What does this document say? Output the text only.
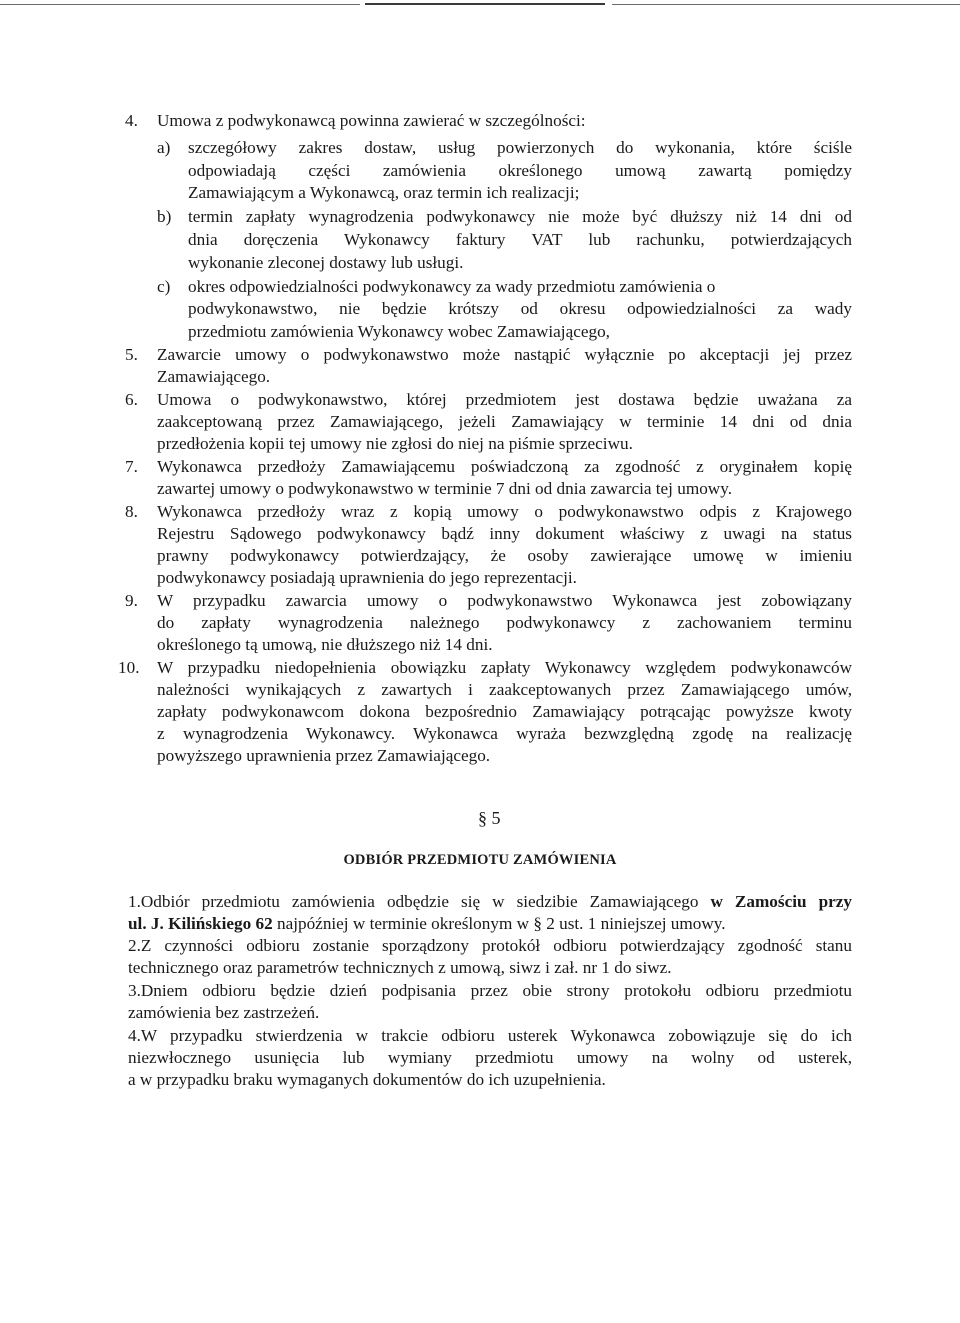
4. Umowa z podwykonawcą powinna zawierać w szczególności:
a) szczegółowy zakres dostaw, usług powierzonych do wykonania, które ściśle
odpowiadają części zamówienia określonego umową zawartą pomiędzy
Zamawiającym a Wykonawcą, oraz termin ich realizacji;
b) termin zapłaty wynagrodzenia podwykonawcy nie może być dłuższy niż 14 dni od
dnia doręczenia Wykonawcy faktury VAT lub rachunku, potwierdzających
wykonanie zleconej dostawy lub usługi.
c) okres odpowiedzialności podwykonawcy za wady przedmiotu zamówienia o
podwykonawstwo, nie będzie krótszy od okresu odpowiedzialności za wady
przedmiotu zamówienia Wykonawcy wobec Zamawiającego,
5. Zawarcie umowy o podwykonawstwo może nastąpić wyłącznie po akceptacji jej przez
Zamawiającego.
6. Umowa o podwykonawstwo, której przedmiotem jest dostawa będzie uważana za
zaakceptowaną przez Zamawiającego, jeżeli Zamawiający w terminie 14 dni od dnia
przedłożenia kopii tej umowy nie zgłosi do niej na piśmie sprzeciwu.
7. Wykonawca przedłoży Zamawiającemu poświadczoną za zgodność z oryginałem kopię
zawartej umowy o podwykonawstwo w terminie 7 dni od dnia zawarcia tej umowy.
8. Wykonawca przedłoży wraz z kopią umowy o podwykonawstwo odpis z Krajowego
Rejestru Sądowego podwykonawcy bądź inny dokument właściwy z uwagi na status
prawny podwykonawcy potwierdzający, że osoby zawierające umowę w imieniu
podwykonawcy posiadają uprawnienia do jego reprezentacji.
9. W przypadku zawarcia umowy o podwykonawstwo Wykonawca jest zobowiązany
do zapłaty wynagrodzenia należnego podwykonawcy z zachowaniem terminu
określonego tą umową, nie dłuższego niż 14 dni.
10. W przypadku niedopełnienia obowiązku zapłaty Wykonawcy względem podwykonawców
należności wynikających z zawartych i zaakceptowanych przez Zamawiającego umów,
zapłaty podwykonawcom dokona bezpośrednio Zamawiający potrącając powyższe kwoty
z wynagrodzenia Wykonawcy. Wykonawca wyraża bezwzględną zgodę na realizację
powyższego uprawnienia przez Zamawiającego.
§ 5
ODBIÓR PRZEDMIOTU ZAMÓWIENIA
1.Odbiór przedmiotu zamówienia odbędzie się w siedzibie Zamawiającego w Zamościu przy
ul. J. Kilińskiego 62 najpóźniej w terminie określonym w § 2 ust. 1 niniejszej umowy.
2.Z czynności odbioru zostanie sporządzony protokół odbioru potwierdzający zgodność stanu
technicznego oraz parametrów technicznych z umową, siwz i zał. nr 1 do siwz.
3.Dniem odbioru będzie dzień podpisania przez obie strony protokołu odbioru przedmiotu
zamówienia bez zastrzeżeń.
4.W przypadku stwierdzenia w trakcie odbioru usterek Wykonawca zobowiązuje się do ich
niezwłocznego usunięcia lub wymiany przedmiotu umowy na wolny od usterek,
a w przypadku braku wymaganych dokumentów do ich uzupełnienia.
